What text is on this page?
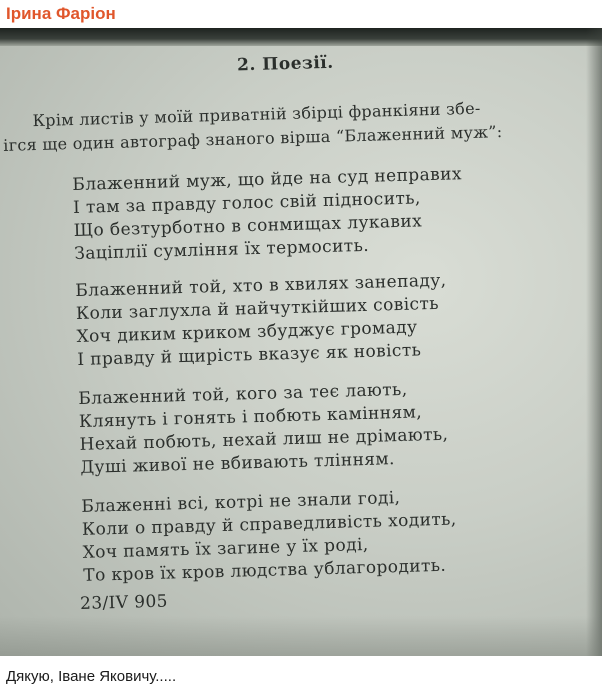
Ірина Фаріон
2. Поезії.
Крім листів у моїй приватній збірці франкіяни збе-
ігся ще один автограф знаного вірша “Блаженний муж”:
Блаженний муж, що йде на суд неправих
І там за правду голос свій підносить,
Що безтурботно в сонмищах лукавих
Заціплії сумління їх термосить.
Блаженний той, хто в хвилях занепаду,
Коли заглухла й найчуткійших совість
Хоч диким криком збуджує громаду
І правду й щирість вказує як новість
Блаженний той, кого за теє лають,
Клянуть і гонять і побють камінням,
Нехай побють, нехай лиш не дрімають,
Душі живої не вбивають тлінням.
Блаженні всі, котрі не знали годі,
Коли о правду й справедливість ходить,
Хоч память їх загине у їх роді,
То кров їх кров людства ублагородить.
23/IV 905
Дякую, Іване Яковичу.....
